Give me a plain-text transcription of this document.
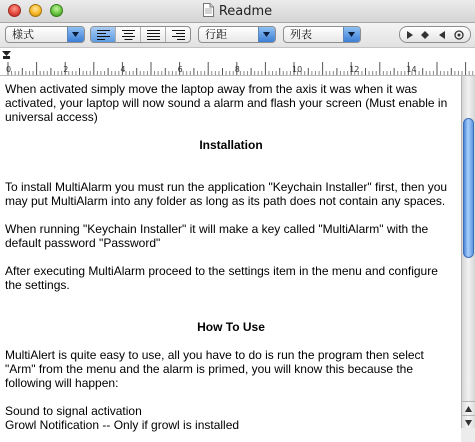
Readme
様式	行距	列表
0	2	4	6	8	10	12	14

When activated simply move the laptop away from the axis it was when it was activated, your laptop will now sound a alarm and flash your screen (Must enable in universal access)

Installation

To install MultiAlarm you must run the application "Keychain Installer" first, then you may put MultiAlarm into any folder as long as its path does not contain any spaces.

When running "Keychain Installer" it will make a key called "MultiAlarm" with the default password "Password"

After executing MultiAlarm proceed to the settings item in the menu and configure the settings.

How To Use

MultiAlert is quite easy to use, all you have to do is run the program then select "Arm" from the menu and the alarm is primed, you will know this because the following will happen:

Sound to signal activation

Growl Notification -- Only if growl is installed
